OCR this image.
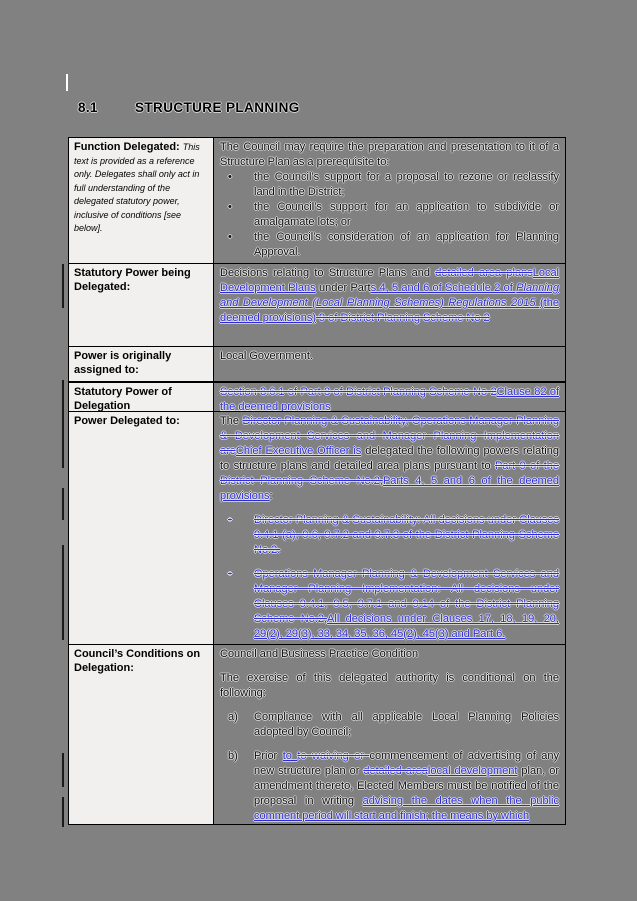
8.1	STRUCTURE PLANNING
Function Delegated: This text is provided as a reference only. Delegates shall only act in full understanding of the delegated statutory power, inclusive of conditions [see below].
The Council may require the preparation and presentation to it of a Structure Plan as a prerequisite to:
• the Council’s support for a proposal to rezone or reclassify land in the District;
• the Council’s support for an application to subdivide or amalgamate lots; or
• the Council’s consideration of an application for Planning Approval.
Statutory Power being Delegated:
Decisions relating to Structure Plans and detailed area plansLocal Development Plans under Parts 4, 5 and 6 of Schedule 2 of Planning and Development (Local Planning Schemes) Regulations 2015 (the deemed provisions) 9 of District Planning Scheme No 2
Power is originally assigned to:
Local Government.
Statutory Power of Delegation
Section 8.6.1 of Part 8 of District Planning Scheme No 2Clause 82 of the deemed provisions
Power Delegated to:	The Director Planning & Sustainability, Operations Manager Planning & Development Services and Manager Planning Implementation areChief Executive Officer is delegated the following powers relating to structure plans and detailed area plans pursuant to Part 9 of the District Planning Scheme No.2,Parts 4, 5 and 6 of the deemed provisions:
• Director Planning & Sustainability: All decisions under Clauses 9.4.1 (a), 9.6, 9.7.2 and 9.7.3 of the District Planning Scheme No.2.
• Operations Manager Planning & Development Services and Manager Planning Implementation: All decisions under Clauses 9.4.1, 9.5, 9.7.1 and 9.14 of the District Planning Scheme No.2,All decisions under Clauses 17, 18, 19, 20, 29(2), 29(3), 33, 34, 35, 36, 45(2), 45(3) and Part 6.
Council’s Conditions on Delegation:
Council and Business Practice Condition
The exercise of this delegated authority is conditional on the following:
a) Compliance with all applicable Local Planning Policies adopted by Council;
b) Prior to to waiving or commencement of advertising of any new structure plan or detailed arealocal development plan, or amendment thereto, Elected Members must be notified of the proposal in writing advising the dates when the public comment period will start and finish; the means by which
